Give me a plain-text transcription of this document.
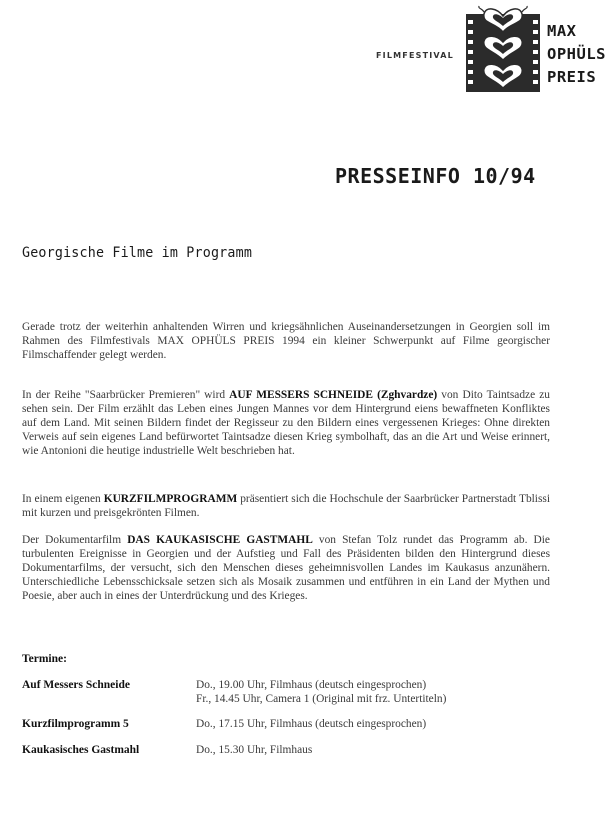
FILMFESTIVAL
MAX
OPHÜLS
PREIS
PRESSEINFO 10/94
Georgische Filme im Programm
Gerade trotz der weiterhin anhaltenden Wirren und kriegsähnlichen Auseinandersetzungen in Georgien soll im Rahmen des Filmfestivals MAX OPHÜLS PREIS 1994 ein kleiner Schwerpunkt auf Filme georgischer Filmschaffender gelegt werden.
In der Reihe "Saarbrücker Premieren" wird AUF MESSERS SCHNEIDE (Zghvardze) von Dito Taintsadze zu sehen sein. Der Film erzählt das Leben eines Jungen Mannes vor dem Hintergrund eiens bewaffneten Konfliktes auf dem Land. Mit seinen Bildern findet der Regisseur zu den Bildern eines vergessenen Krieges: Ohne direkten Verweis auf sein eigenes Land befürwortet Taintsadze diesen Krieg symbolhaft, das an die Art und Weise erinnert, wie Antonioni die heutige industrielle Welt beschrieben hat.
In einem eigenen KURZFILMPROGRAMM präsentiert sich die Hochschule der Saarbrücker Partnerstadt Tblissi mit kurzen und preisgekrönten Filmen.
Der Dokumentarfilm DAS KAUKASISCHE GASTMAHL von Stefan Tolz rundet das Programm ab. Die turbulenten Ereignisse in Georgien und der Aufstieg und Fall des Präsidenten bilden den Hintergrund dieses Dokumentarfilms, der versucht, sich den Menschen dieses geheimnisvollen Landes im Kaukasus anzunähern. Unterschiedliche Lebensschicksale setzen sich als Mosaik zusammen und entführen in ein Land der Mythen und Poesie, aber auch in eines der Unterdrückung und des Krieges.
Termine:
Auf Messers Schneide	Do., 19.00 Uhr, Filmhaus (deutsch eingesprochen)
Fr., 14.45 Uhr, Camera 1 (Original mit frz. Untertiteln)
Kurzfilmprogramm 5	Do., 17.15 Uhr, Filmhaus (deutsch eingesprochen)
Kaukasisches Gastmahl	Do., 15.30 Uhr, Filmhaus
